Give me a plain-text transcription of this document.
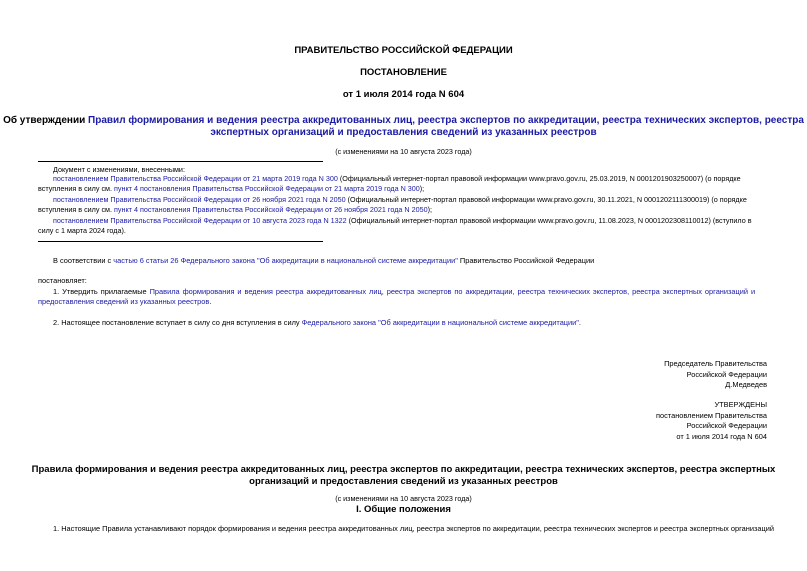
ПРАВИТЕЛЬСТВО РОССИЙСКОЙ ФЕДЕРАЦИИ
ПОСТАНОВЛЕНИЕ
от 1 июля 2014 года N 604
Об утверждении Правил формирования и ведения реестра аккредитованных лиц, реестра экспертов по аккредитации, реестра технических экспертов, реестра
экспертных организаций и предоставления сведений из указанных реестров
(с изменениями на 10 августа 2023 года)
Документ с изменениями, внесенными:
постановлением Правительства Российской Федерации от 21 марта 2019 года N 300 (Официальный интернет-портал правовой информации www.pravo.gov.ru, 25.03.2019, N 0001201903250007) (о порядке
вступления в силу см. пункт 4 постановления Правительства Российской Федерации от 21 марта 2019 года N 300);
постановлением Правительства Российской Федерации от 26 ноября 2021 года N 2050 (Официальный интернет-портал правовой информации www.pravo.gov.ru, 30.11.2021, N 0001202111300019) (о порядке
вступления в силу см. пункт 4 постановления Правительства Российской Федерации от 26 ноября 2021 года N 2050);
постановлением Правительства Российской Федерации от 10 августа 2023 года N 1322 (Официальный интернет-портал правовой информации www.pravo.gov.ru, 11.08.2023, N 0001202308110012) (вступило в
силу с 1 марта 2024 года).
В соответствии с частью 6 статьи 26 Федерального закона "Об аккредитации в национальной системе аккредитации" Правительство Российской Федерации
постановляет:
1. Утвердить прилагаемые Правила формирования и ведения реестра аккредитованных лиц, реестра экспертов по аккредитации, реестра технических экспертов, реестра экспертных организаций и
предоставления сведений из указанных реестров.
2. Настоящее постановление вступает в силу со дня вступления в силу Федерального закона "Об аккредитации в национальной системе аккредитации".
Председатель Правительства
Российской Федерации
Д.Медведев
УТВЕРЖДЕНЫ
постановлением Правительства
Российской Федерации
от 1 июля 2014 года N 604
Правила формирования и ведения реестра аккредитованных лиц, реестра экспертов по аккредитации, реестра технических экспертов, реестра экспертных
организаций и предоставления сведений из указанных реестров
(с изменениями на 10 августа 2023 года)
I. Общие положения
1. Настоящие Правила устанавливают порядок формирования и ведения реестра аккредитованных лиц, реестра экспертов по аккредитации, реестра технических экспертов и реестра экспертных организаций
